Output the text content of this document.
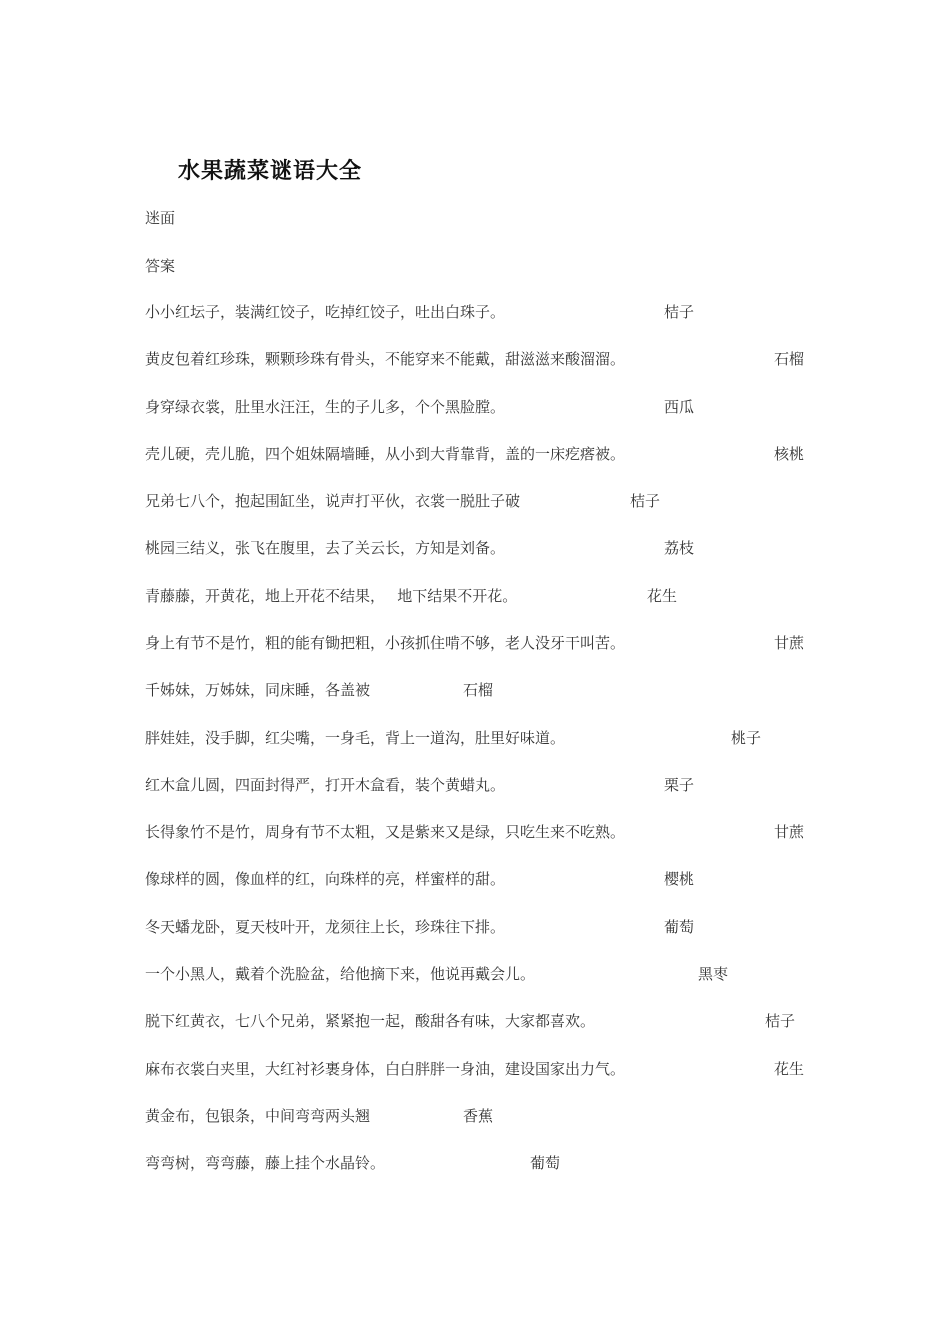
水果蔬菜谜语大全
迷面
答案
小小红坛子，装满红饺子，吃掉红饺子，吐出白珠子。	桔子
黄皮包着红珍珠，颗颗珍珠有骨头，不能穿来不能戴，甜滋滋来酸溜溜。	石榴
身穿绿衣裳，肚里水汪汪，生的子儿多，个个黑脸膛。	西瓜
壳儿硬，壳儿脆，四个姐妹隔墙睡，从小到大背靠背，盖的一床疙瘩被。	核桃
兄弟七八个，抱起围缸坐，说声打平伙，衣裳一脱肚子破	桔子
桃园三结义，张飞在腹里，去了关云长，方知是刘备。	荔枝
青藤藤，开黄花，地上开花不结果，　 地下结果不开花。	花生
身上有节不是竹，粗的能有锄把粗，小孩抓住啃不够，老人没牙干叫苦。	甘蔗
千姊妹，万姊妹，同床睡，各盖被	石榴
胖娃娃，没手脚，红尖嘴，一身毛，背上一道沟，肚里好味道。	桃子
红木盒儿圆，四面封得严，打开木盒看，装个黄蜡丸。	栗子
长得象竹不是竹，周身有节不太粗，又是紫来又是绿，只吃生来不吃熟。	甘蔗
像球样的圆，像血样的红，向珠样的亮，样蜜样的甜。	樱桃
冬天蟠龙卧，夏天枝叶开，龙须往上长，珍珠往下排。	葡萄
一个小黑人，戴着个洗脸盆，给他摘下来，他说再戴会儿。	黑枣
脱下红黄衣，七八个兄弟，紧紧抱一起，酸甜各有味，大家都喜欢。	桔子
麻布衣裳白夹里，大红衬衫裹身体，白白胖胖一身油，建设国家出力气。	花生
黄金布，包银条，中间弯弯两头翘	香蕉
弯弯树，弯弯藤，藤上挂个水晶铃。	葡萄
